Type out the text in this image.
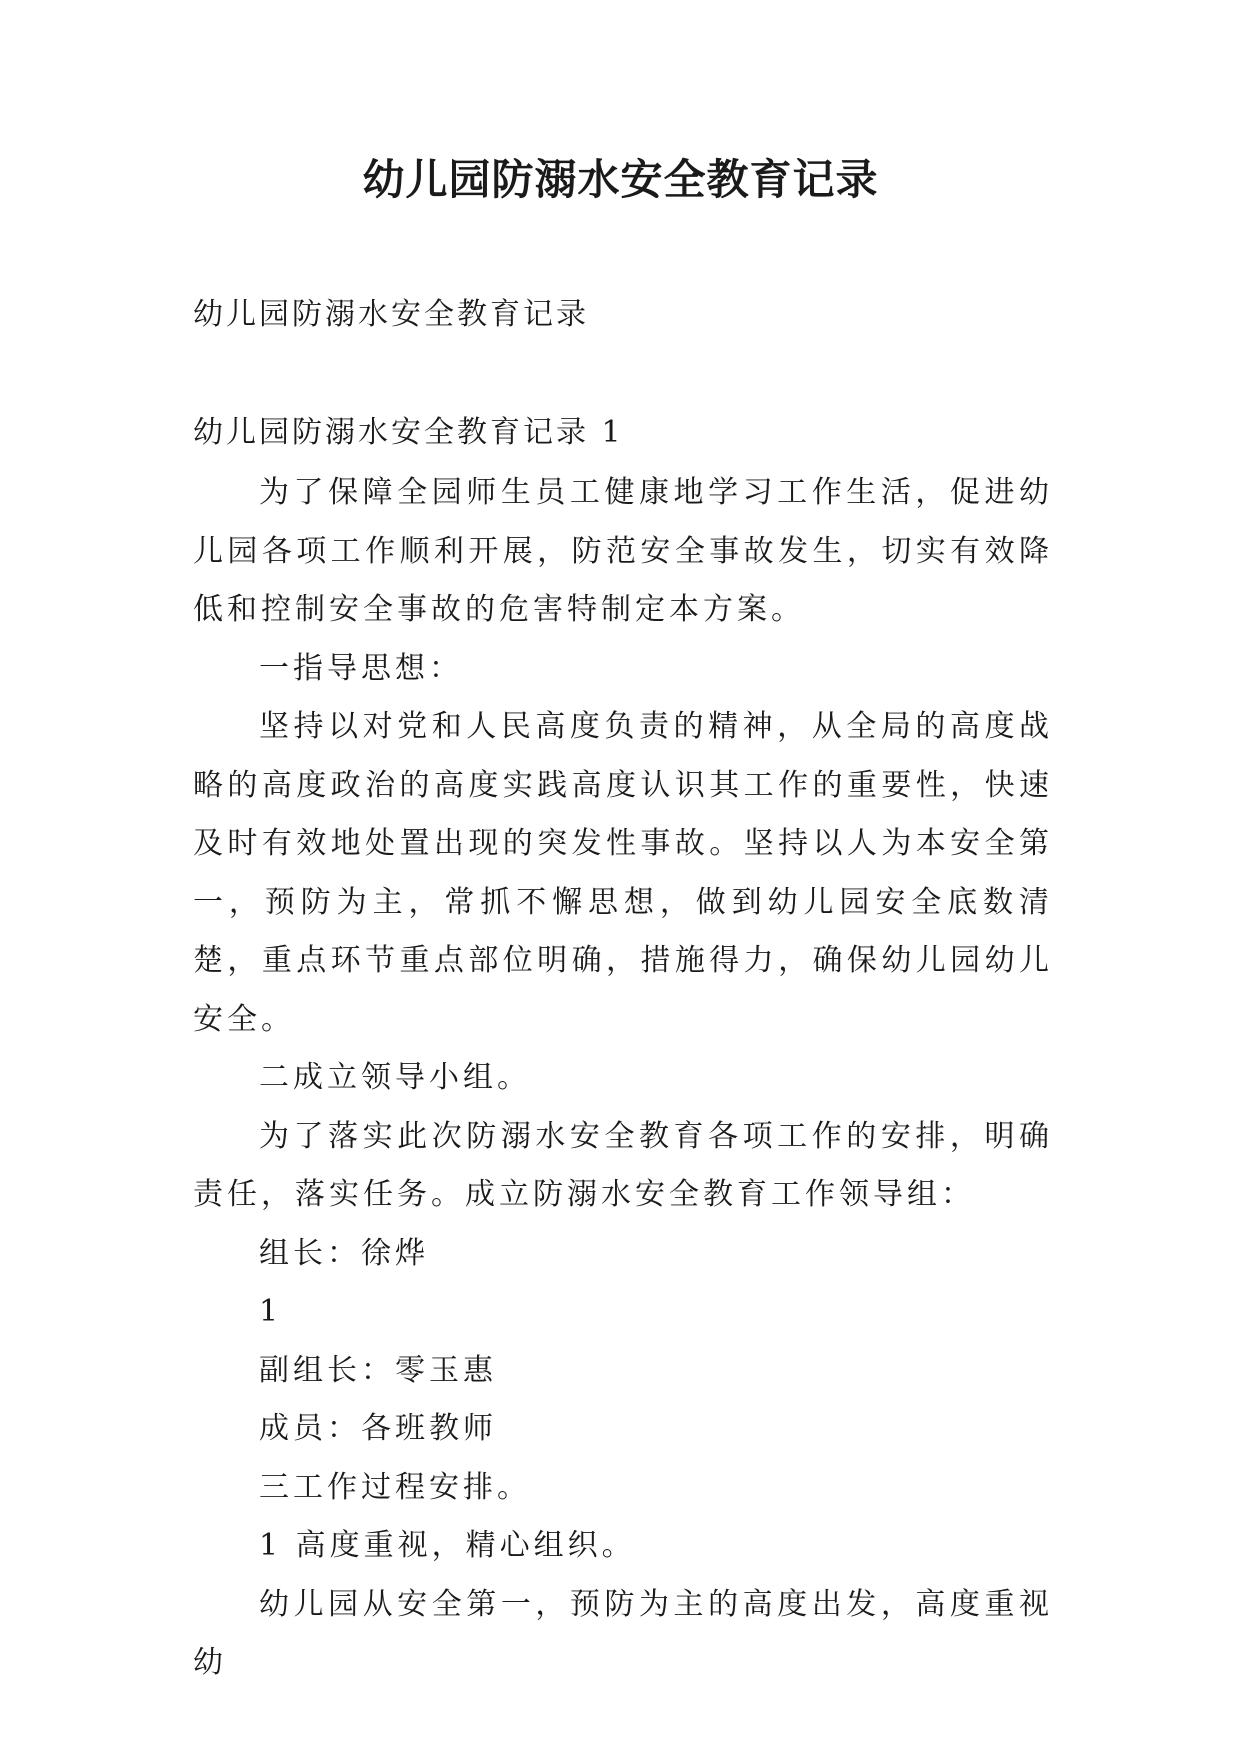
幼儿园防溺水安全教育记录

幼儿园防溺水安全教育记录

幼儿园防溺水安全教育记录 1

为了保障全园师生员工健康地学习工作生活，促进幼儿园各项工作顺利开展，防范安全事故发生，切实有效降低和控制安全事故的危害特制定本方案。

一指导思想：

坚持以对党和人民高度负责的精神，从全局的高度战略的高度政治的高度实践高度认识其工作的重要性，快速及时有效地处置出现的突发性事故。坚持以人为本安全第一，预防为主，常抓不懈思想，做到幼儿园安全底数清楚，重点环节重点部位明确，措施得力，确保幼儿园幼儿安全。

二成立领导小组。

为了落实此次防溺水安全教育各项工作的安排，明确责任，落实任务。成立防溺水安全教育工作领导组：

组长：徐烨

1

副组长：零玉惠

成员：各班教师

三工作过程安排。

1 高度重视，精心组织。

幼儿园从安全第一，预防为主的高度出发，高度重视幼
